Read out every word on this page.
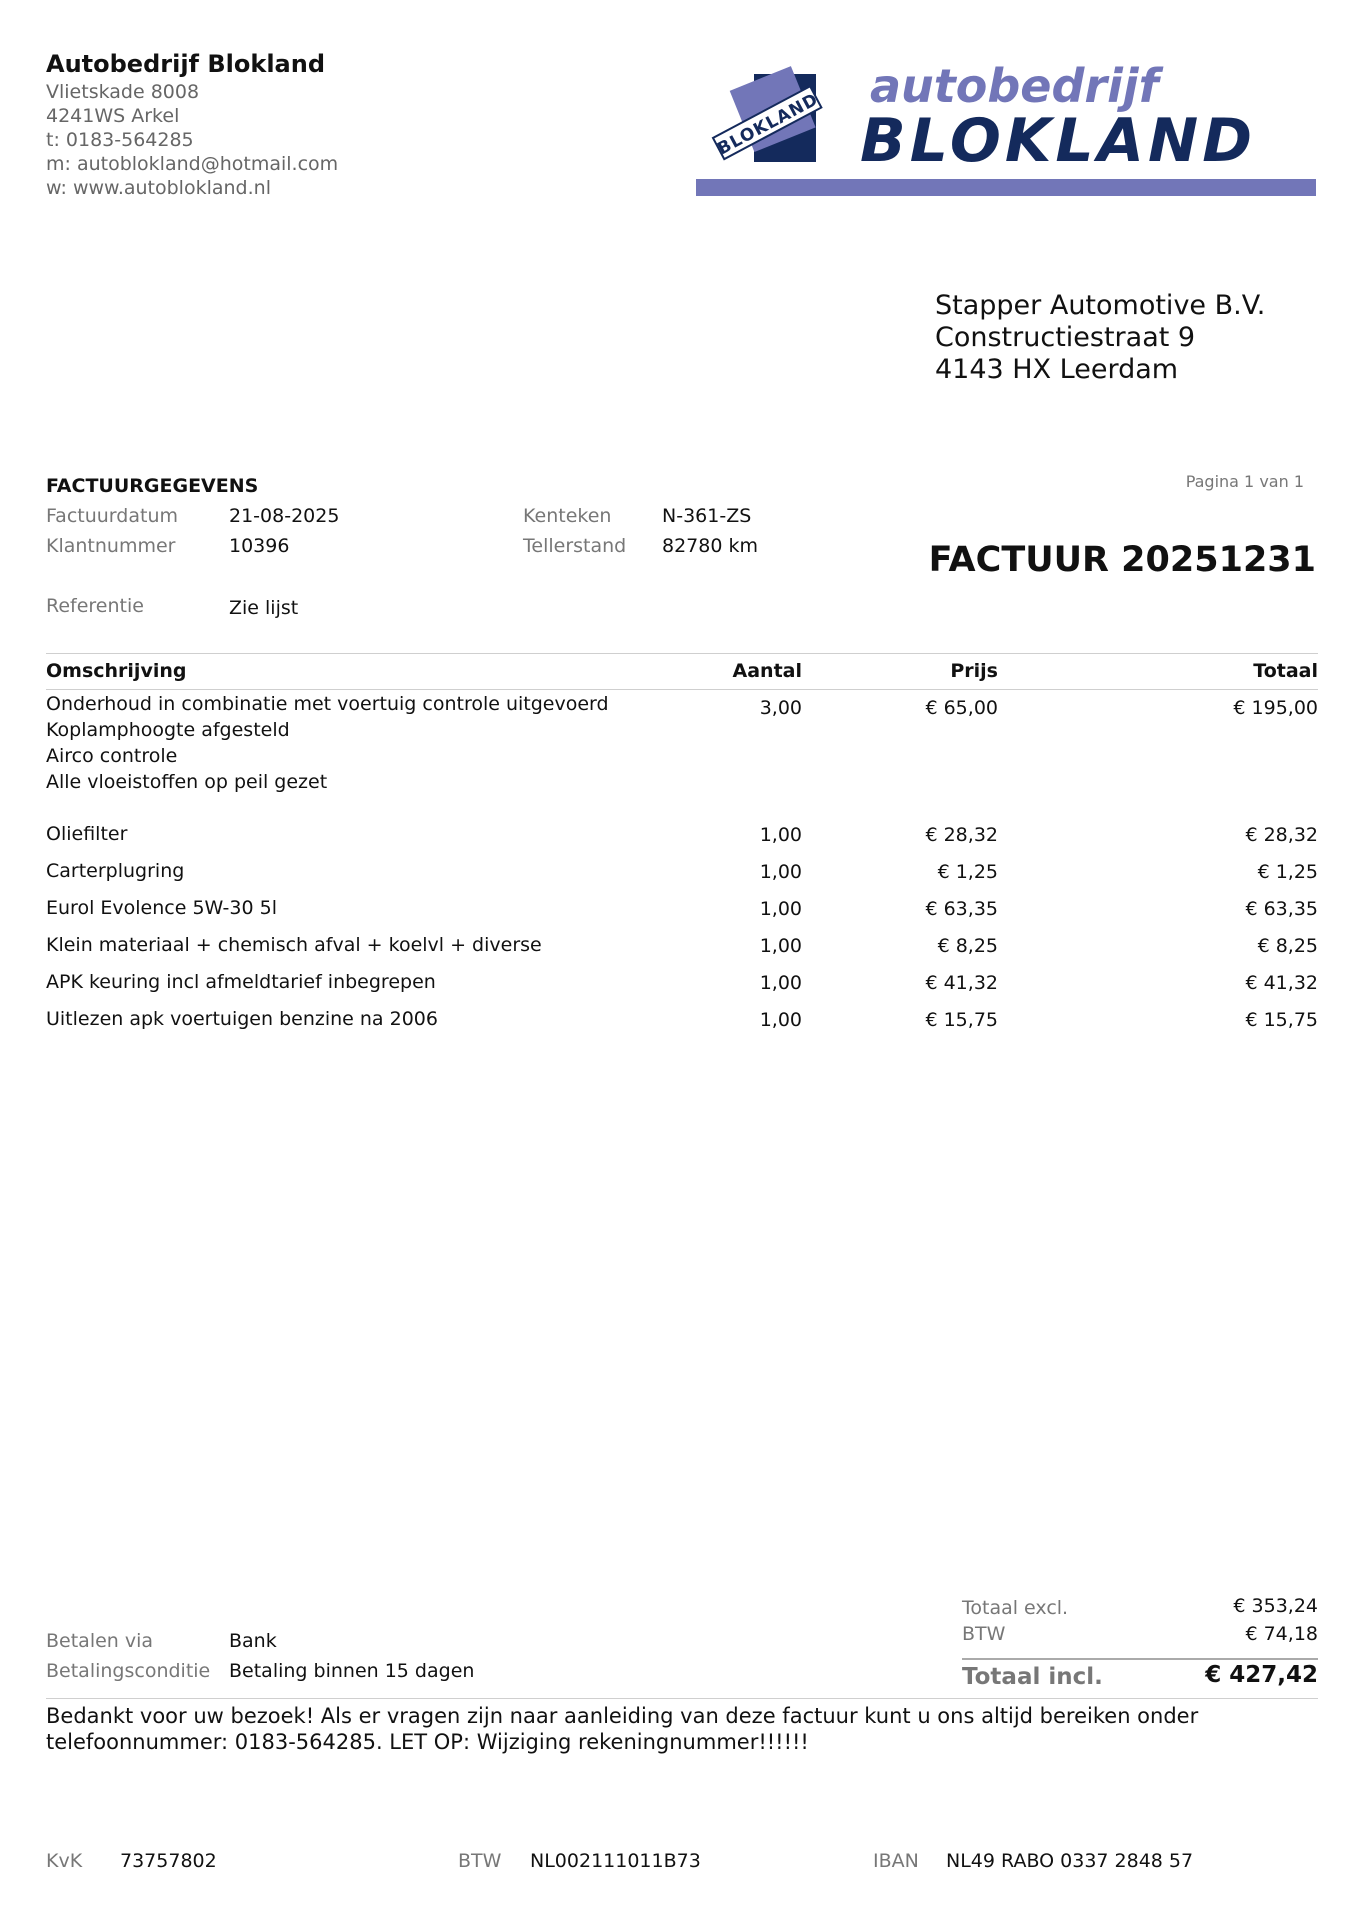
Autobedrijf Blokland
Vlietskade 8008
4241WS Arkel
t: 0183-564285
m: autoblokland@hotmail.com
w: www.autoblokland.nl
BLOKLAND
autobedrijf
BLOKLAND
Stapper Automotive B.V.
Constructiestraat 9
4143 HX Leerdam
FACTUURGEGEVENS
Factuurdatum	21-08-2025
Klantnummer	10396
Kenteken	N-361-ZS
Tellerstand 82780 km
Referentie	Zie lijst
Pagina 1 van 1
FACTUUR 20251231
Omschrijving	Aantal	Prijs	Totaal
Onderhoud in combinatie met voertuig controle uitgevoerd
Koplamphoogte afgesteld
Airco controle
Alle vloeistoffen op peil gezet
3,00	€ 65,00	€ 195,00
Oliefilter	1,00	€ 28,32	€ 28,32
Carterplugring	1,00	€ 1,25	€ 1,25
Eurol Evolence 5W-30 5l	1,00	€ 63,35	€ 63,35
Klein materiaal + chemisch afval + koelvl + diverse	1,00	€ 8,25	€ 8,25
APK keuring incl afmeldtarief inbegrepen	1,00	€ 41,32	€ 41,32
Uitlezen apk voertuigen benzine na 2006	1,00	€ 15,75	€ 15,75
Totaal excl.	€ 353,24
BTW	€ 74,18
Totaal incl.	€ 427,42
Betalen via	Bank
Betalingsconditie Betaling binnen 15 dagen
Bedankt voor uw bezoek! Als er vragen zijn naar aanleiding van deze factuur kunt u ons altijd bereiken onder telefoonnummer: 0183-564285. LET OP: Wijziging rekeningnummer!!!!!!
KvK 73757802	BTW NL002111011B73	IBAN NL49 RABO 0337 2848 57
